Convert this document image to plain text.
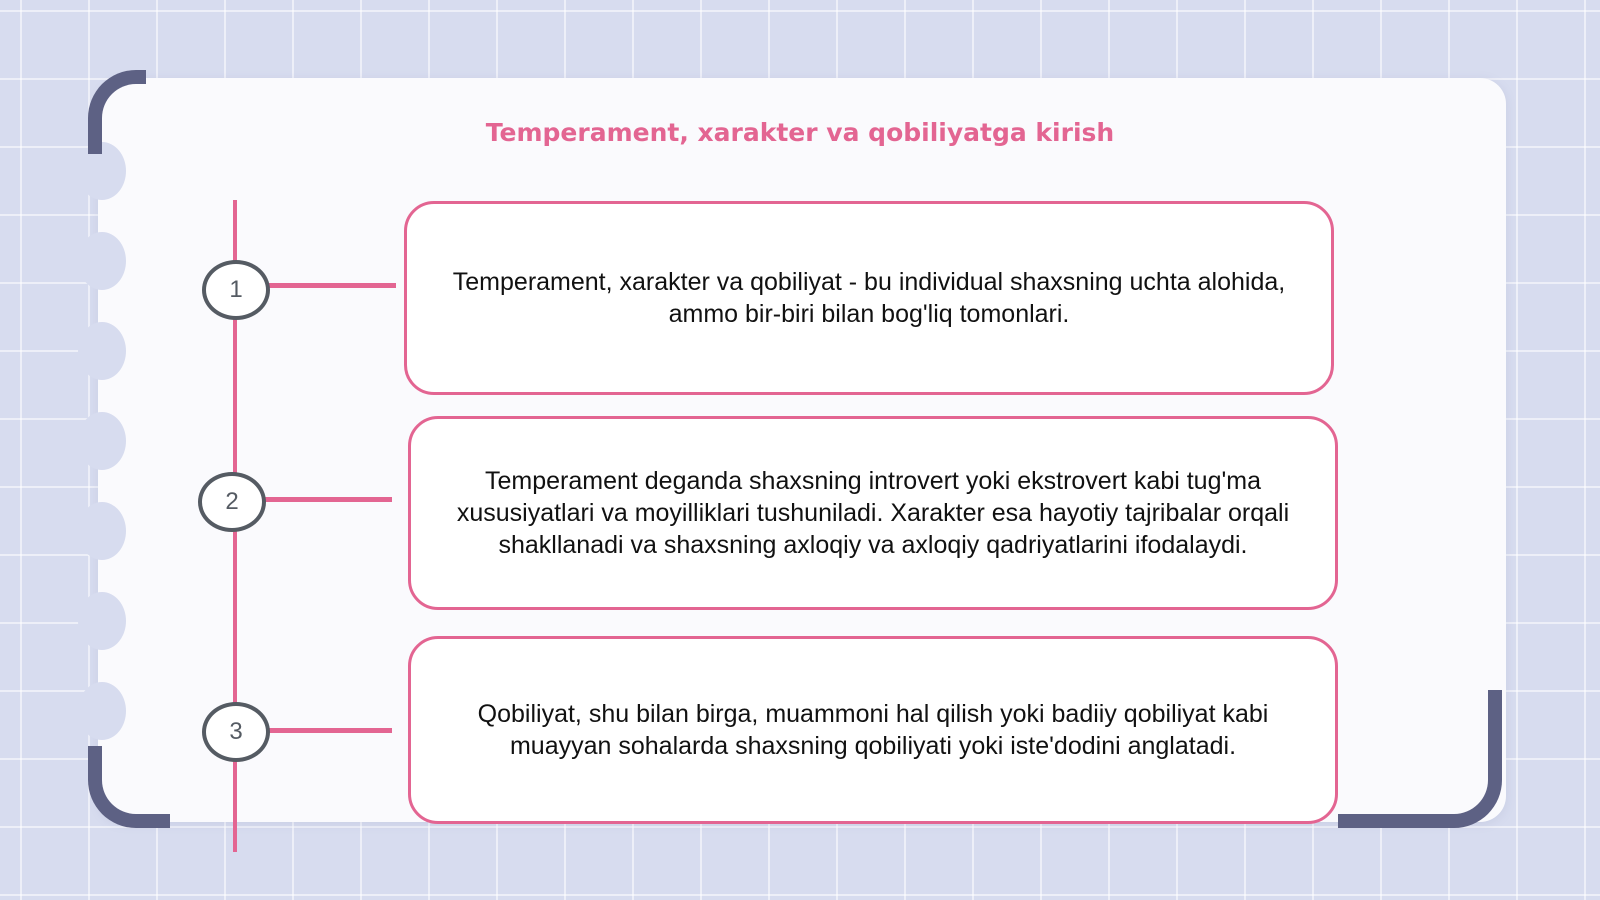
Temperament, xarakter va qobiliyatga kirish
1
2
3
Temperament, xarakter va qobiliyat - bu individual shaxsning uchta alohida, ammo bir-biri bilan bog'liq tomonlari.
Temperament deganda shaxsning introvert yoki ekstrovert kabi tug'ma xususiyatlari va moyilliklari tushuniladi. Xarakter esa hayotiy tajribalar orqali shakllanadi va shaxsning axloqiy va axloqiy qadriyatlarini ifodalaydi.
Qobiliyat, shu bilan birga, muammoni hal qilish yoki badiiy qobiliyat kabi muayyan sohalarda shaxsning qobiliyati yoki iste'dodini anglatadi.
